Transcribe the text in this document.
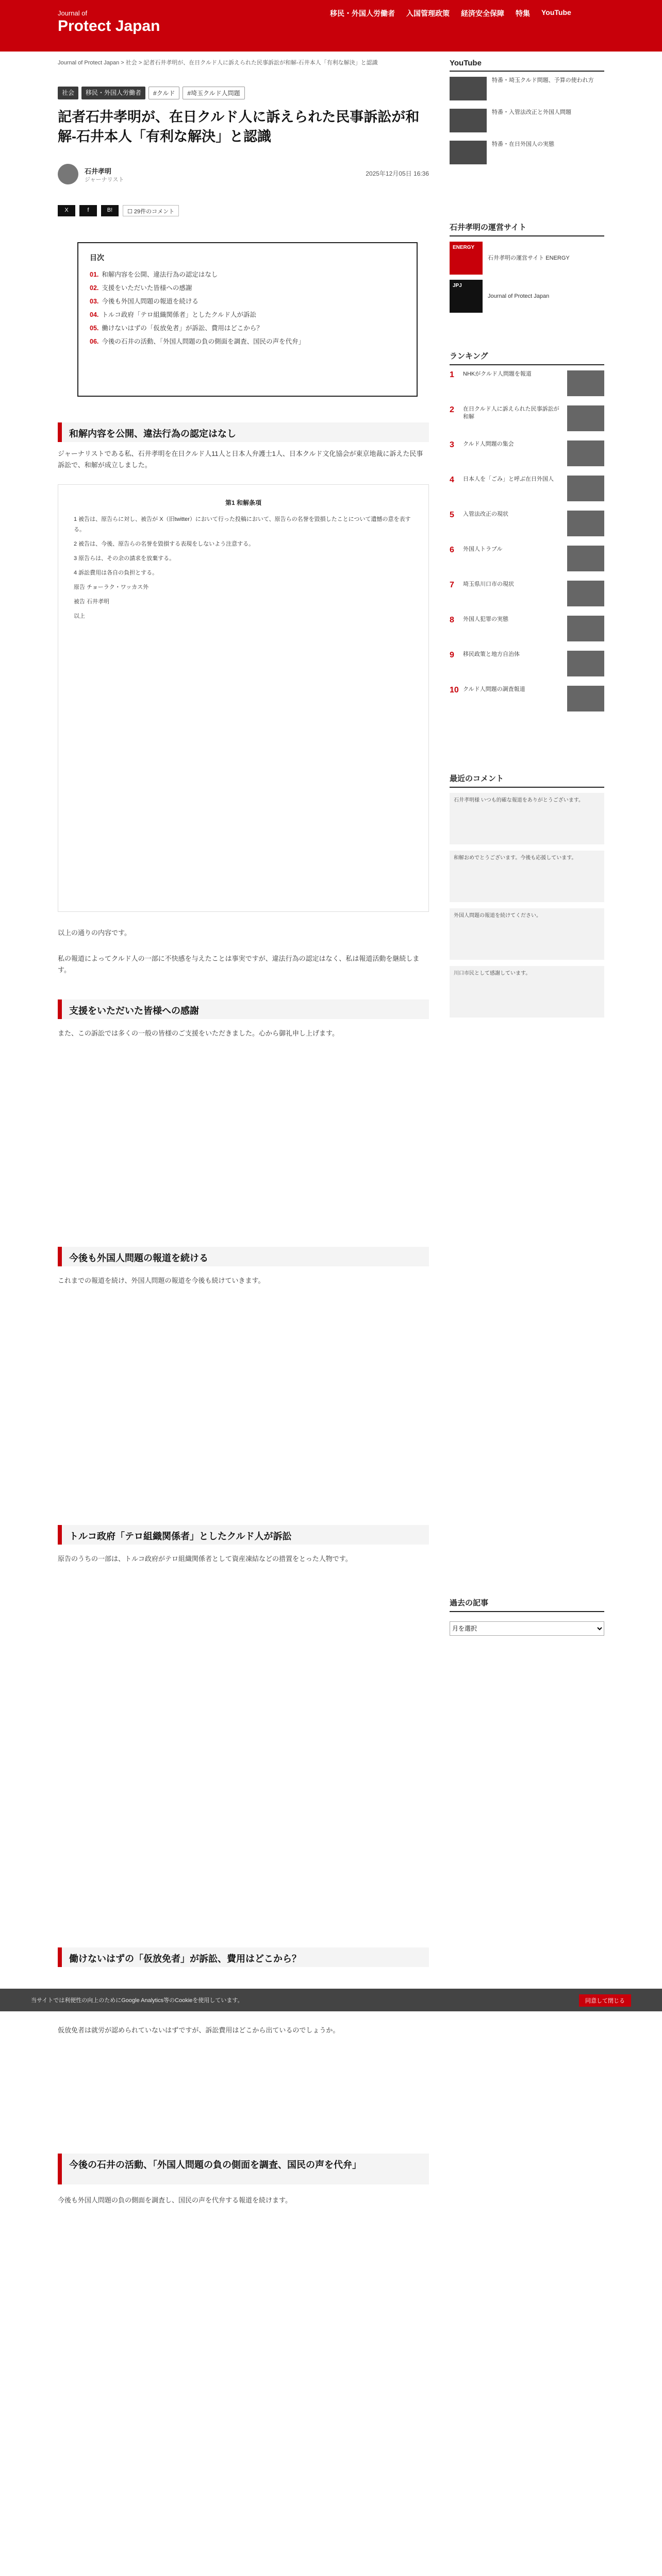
Journal of
Protect Japan
移民・外国人労働者 入国管理政策 経済安全保障 特集 YouTube
Journal of Protect Japan > 社会 > 記者石井孝明が、在日クルド人に訴えられた民事訴訟が和解-石井本人「有利な解決」と認識
社会	移民・外国人労働者	#クルド	#埼玉クルド人問題
記者石井孝明が、在日クルド人に訴えられた民事訴訟が和解-石井本人「有利な解決」と認識
石井孝明
ジャーナリスト
2025年12月05日 16:36
X	f	B!	☐ 29件のコメント
目次
01. 和解内容を公開、違法行為の認定はなし
02. 支援をいただいた皆様への感謝
03. 今後も外国人問題の報道を続ける
04. トルコ政府「テロ組織関係者」としたクルド人が訴訟
05. 働けないはずの「仮放免者」が訴訟、費用はどこから？
06. 今後の石井の活動、「外国人問題の負の側面を調査、国民の声を代弁」
和解内容を公開、違法行為の認定はなし

ジャーナリストである私、石井孝明を在日クルド人11人と日本人弁護士1人、日本クルド文化協会が東京地裁に訴えた民事訴訟で、和解が成立しました。

第1 和解条項

1 被告は、原告らに対し、被告が X（旧twitter）において行った投稿において、原告らの名誉を毀損したことについて遺憾の意を表する。

2 被告は、今後、原告らの名誉を毀損する表現をしないよう注意する。

3 原告らは、その余の請求を放棄する。

4 訴訟費用は各自の負担とする。

原告 チョーラク・ワッカス外

被告 石井孝明

以上

以上の通りの内容です。

私の報道によってクルド人の一部に不快感を与えたことは事実ですが、違法行為の認定はなく、私は報道活動を継続します。

支援をいただいた皆様への感謝

また、この訴訟では多くの一般の皆様のご支援をいただきました。心から御礼申し上げます。

今後も外国人問題の報道を続ける

これまでの報道を続け、外国人問題の報道を今後も続けていきます。

トルコ政府「テロ組織関係者」としたクルド人が訴訟

原告のうちの一部は、トルコ政府がテロ組織関係者として資産凍結などの措置をとった人物です。

働けないはずの「仮放免者」が訴訟、費用はどこから？
当サイトでは利便性の向上のためにGoogle Analytics等のCookieを使用しています。	同意して閉じる

仮放免者は就労が認められていないはずですが、訴訟費用はどこから出ているのでしょうか。

今後の石井の活動、「外国人問題の負の側面を調査、国民の声を代弁」

今後も外国人問題の負の側面を調査し、国民の声を代弁する報道を続けます。

YouTube
特番・埼玉クルド問題、予算の使われ方
特番・入管法改正と外国人問題
特番・在日外国人の実態
石井孝明の運営サイト
ENERGY
石井孝明の運営サイト ENERGY
JPJ
Journal of Protect Japan
ランキング
1	NHKがクルド人問題を報道
2	在日クルド人に訴えられた民事訴訟が和解
3	クルド人問題の集会
4	日本人を「ごみ」と呼ぶ在日外国人
5	入管法改正の現状
6	外国人トラブル
7	埼玉県川口市の現状
8	外国人犯罪の実態
9	移民政策と地方自治体
10 クルド人問題の調査報道
最近のコメント
石井孝明様 いつも的確な報道をありがとうございます。
和解おめでとうございます。今後も応援しています。
外国人問題の報道を続けてください。
川口市民として感謝しています。
過去の記事
月を選択
